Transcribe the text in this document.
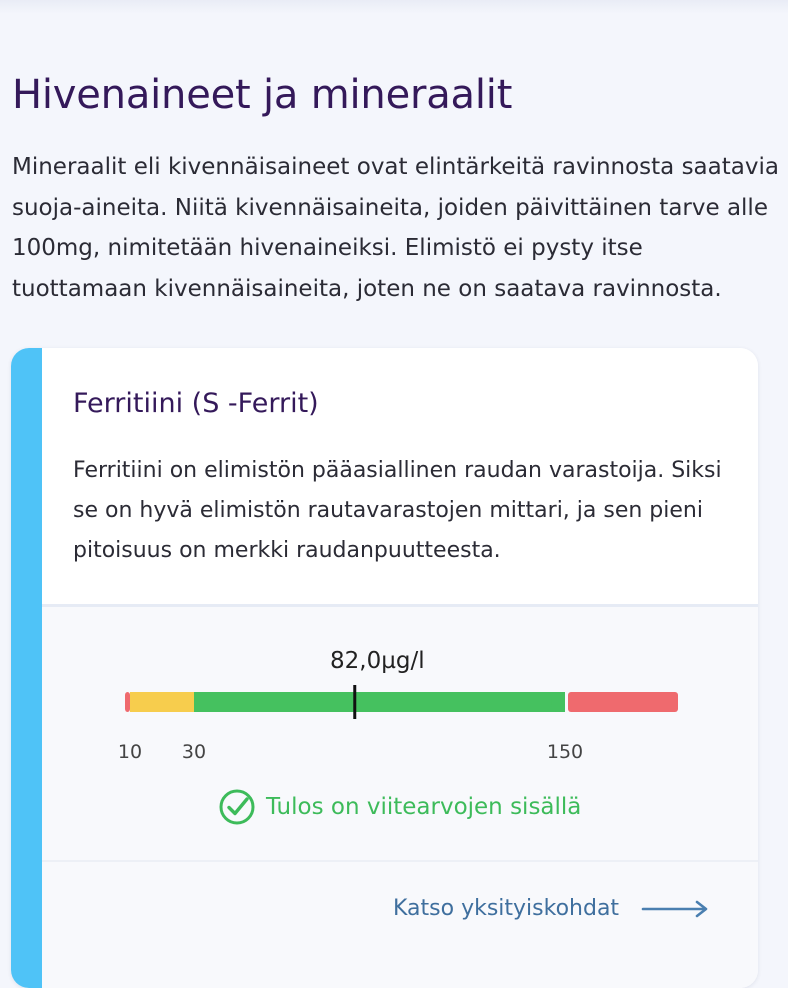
Hivenaineet ja mineraalit

Mineraalit eli kivennäisaineet ovat elintärkeitä ravinnosta saatavia suoja-aineita. Niitä kivennäisaineita, joiden päivittäinen tarve alle 100mg, nimitetään hivenaineiksi. Elimistö ei pysty itse tuottamaan kivennäisaineita, joten ne on saatava ravinnosta.

Ferritiini (S -Ferrit)

Ferritiini on elimistön pääasiallinen raudan varastoija. Siksi se on hyvä elimistön rautavarastojen mittari, ja sen pieni pitoisuus on merkki raudanpuutteesta.

82,0µg/l
10 30	150
Tulos on viitearvojen sisällä
Katso yksityiskohdat
